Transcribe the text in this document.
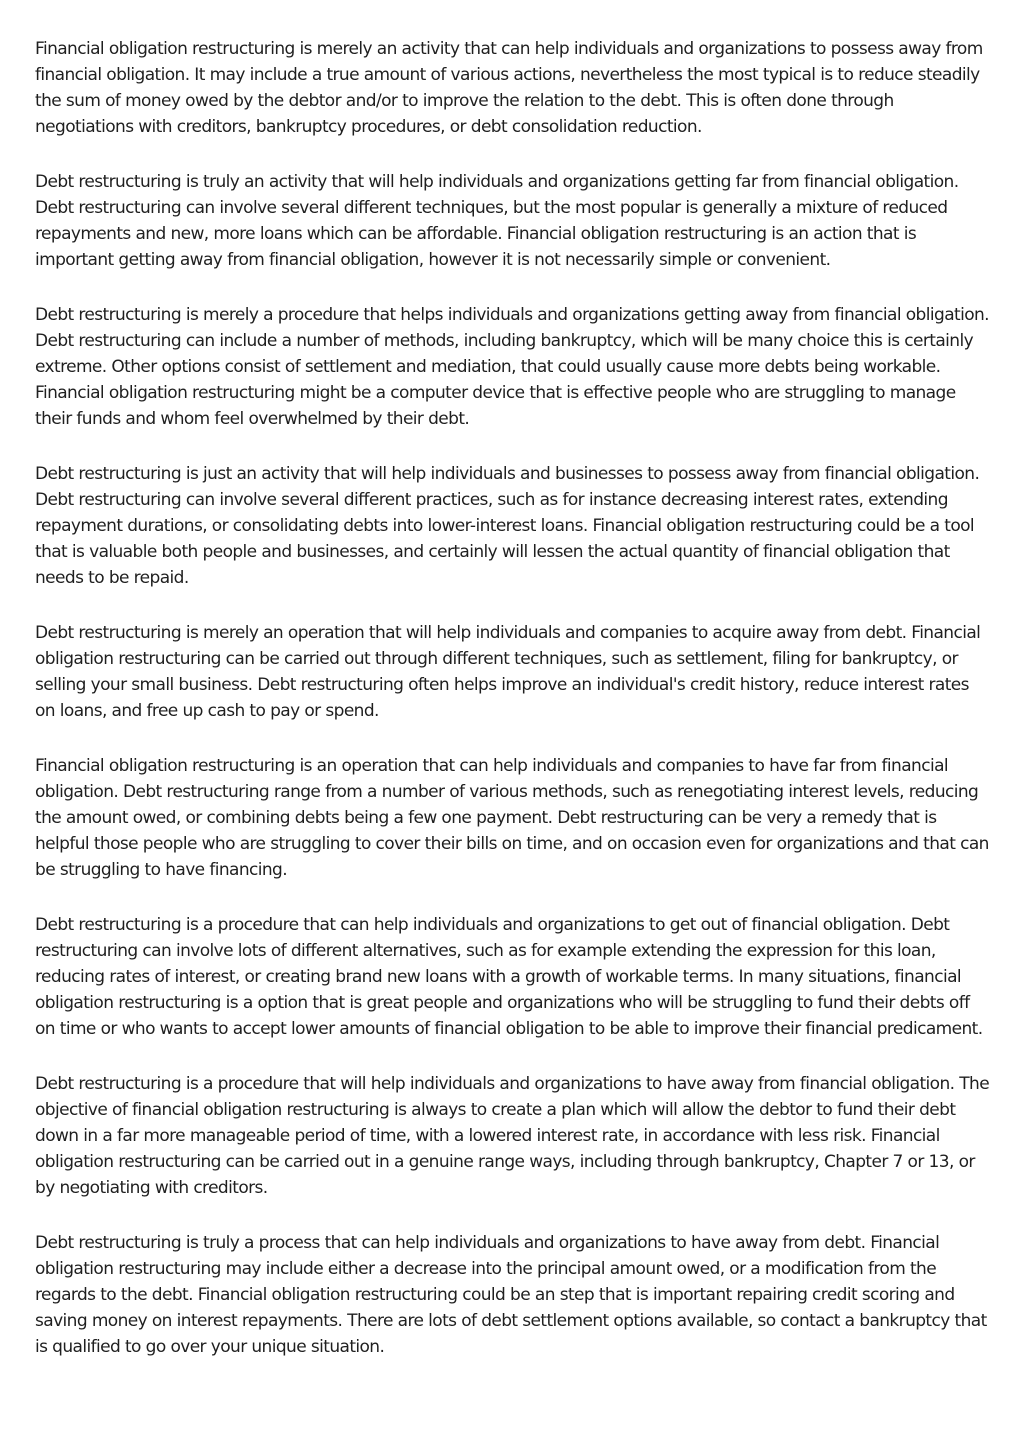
Financial obligation restructuring is merely an activity that can help individuals and organizations to possess away from financial obligation. It may include a true amount of various actions, nevertheless the most typical is to reduce steadily the sum of money owed by the debtor and/or to improve the relation to the debt. This is often done through negotiations with creditors, bankruptcy procedures, or debt consolidation reduction.

Debt restructuring is truly an activity that will help individuals and organizations getting far from financial obligation. Debt restructuring can involve several different techniques, but the most popular is generally a mixture of reduced repayments and new, more loans which can be affordable. Financial obligation restructuring is an action that is important getting away from financial obligation, however it is not necessarily simple or convenient.

Debt restructuring is merely a procedure that helps individuals and organizations getting away from financial obligation. Debt restructuring can include a number of methods, including bankruptcy, which will be many choice this is certainly extreme. Other options consist of settlement and mediation, that could usually cause more debts being workable. Financial obligation restructuring might be a computer device that is effective people who are struggling to manage their funds and whom feel overwhelmed by their debt.

Debt restructuring is just an activity that will help individuals and businesses to possess away from financial obligation. Debt restructuring can involve several different practices, such as for instance decreasing interest rates, extending repayment durations, or consolidating debts into lower-interest loans. Financial obligation restructuring could be a tool that is valuable both people and businesses, and certainly will lessen the actual quantity of financial obligation that needs to be repaid.

Debt restructuring is merely an operation that will help individuals and companies to acquire away from debt. Financial obligation restructuring can be carried out through different techniques, such as settlement, filing for bankruptcy, or selling your small business. Debt restructuring often helps improve an individual's credit history, reduce interest rates on loans, and free up cash to pay or spend.

Financial obligation restructuring is an operation that can help individuals and companies to have far from financial obligation. Debt restructuring range from a number of various methods, such as renegotiating interest levels, reducing the amount owed, or combining debts being a few one payment. Debt restructuring can be very a remedy that is helpful those people who are struggling to cover their bills on time, and on occasion even for organizations and that can be struggling to have financing.

Debt restructuring is a procedure that can help individuals and organizations to get out of financial obligation. Debt restructuring can involve lots of different alternatives, such as for example extending the expression for this loan, reducing rates of interest, or creating brand new loans with a growth of workable terms. In many situations, financial obligation restructuring is a option that is great people and organizations who will be struggling to fund their debts off on time or who wants to accept lower amounts of financial obligation to be able to improve their financial predicament.

Debt restructuring is a procedure that will help individuals and organizations to have away from financial obligation. The objective of financial obligation restructuring is always to create a plan which will allow the debtor to fund their debt down in a far more manageable period of time, with a lowered interest rate, in accordance with less risk. Financial obligation restructuring can be carried out in a genuine range ways, including through bankruptcy, Chapter 7 or 13, or by negotiating with creditors.

Debt restructuring is truly a process that can help individuals and organizations to have away from debt. Financial obligation restructuring may include either a decrease into the principal amount owed, or a modification from the regards to the debt. Financial obligation restructuring could be an step that is important repairing credit scoring and saving money on interest repayments. There are lots of debt settlement options available, so contact a bankruptcy that is qualified to go over your unique situation.
